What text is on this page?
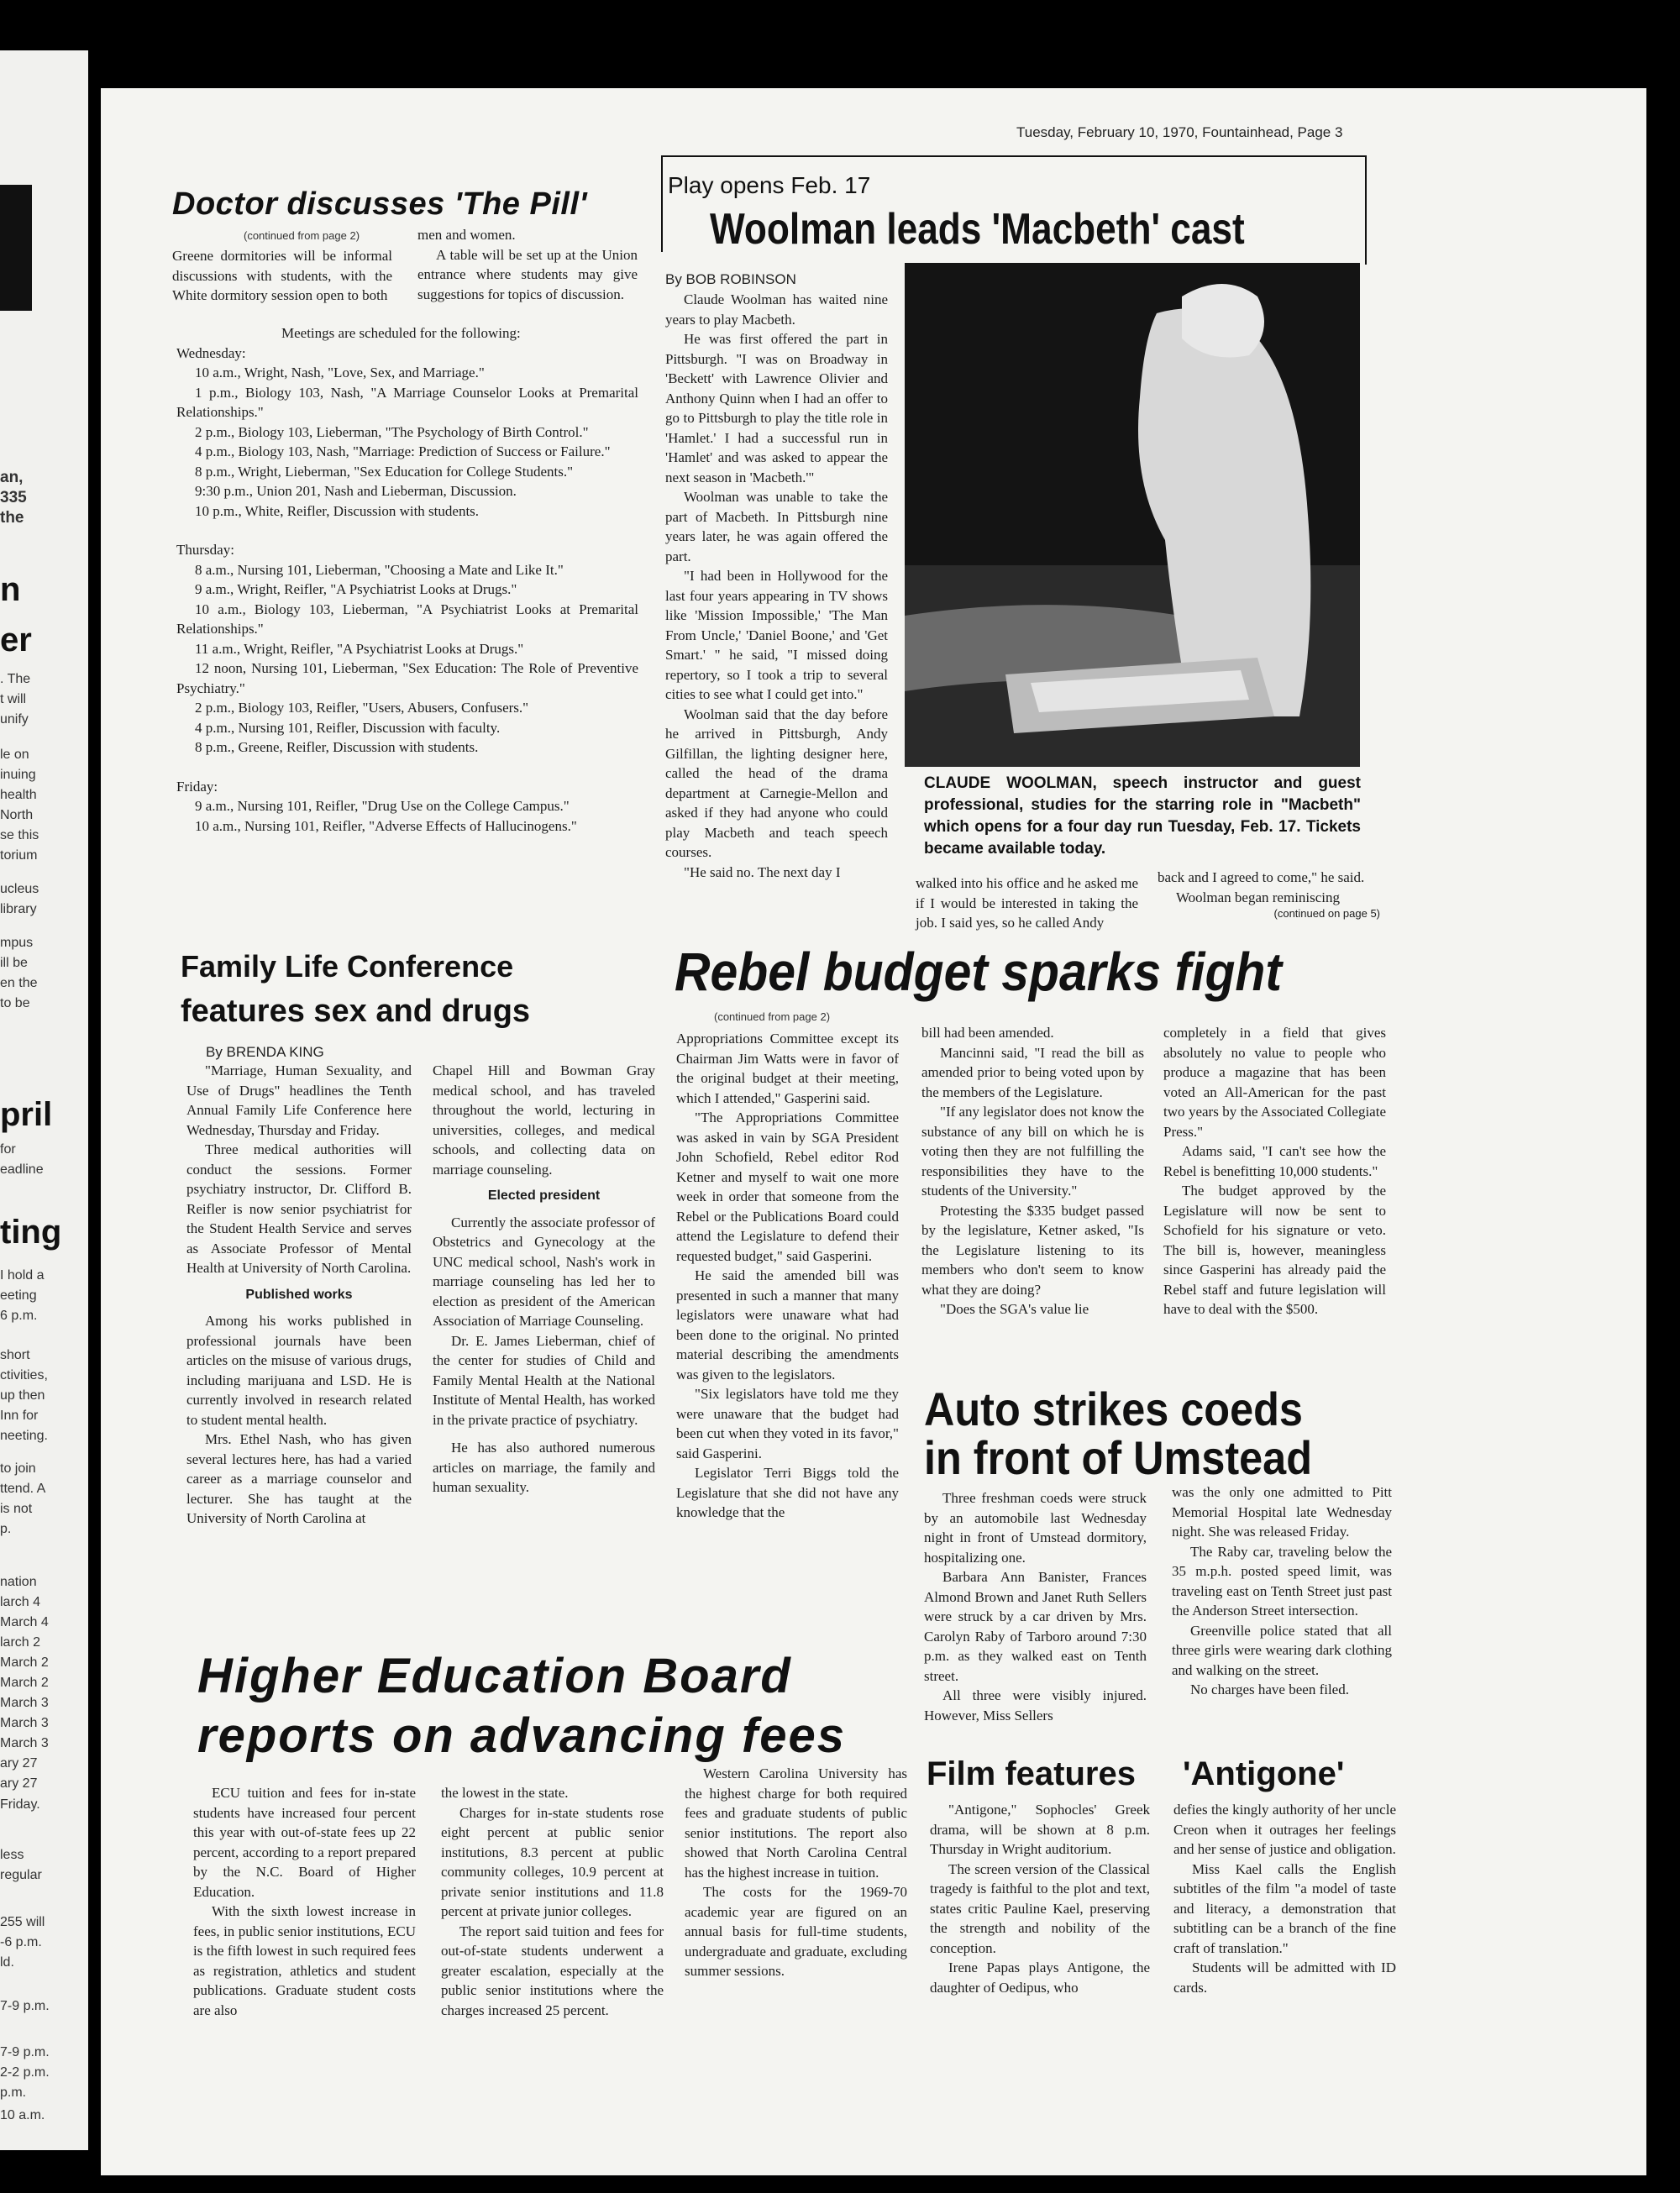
an,
335
the
n
er
. The
t will
unify
le on
inuing
health
North
se this
torium
ucleus
library
mpus
ill be
en the
to be
pril
for
eadline
ting
I hold a
eeting
6 p.m.
short
ctivities,
up then
Inn for
neeting.
to join
ttend. A
is not
p.
nation
larch 4
March 4
larch 2
March 2
March 2
March 3
March 3
March 3
ary 27
ary 27
Friday.
less
regular
255 will
-6 p.m.
ld.
7-9 p.m.
7-9 p.m.
2-2 p.m.
p.m.
10 a.m.
Tuesday, February 10, 1970, Fountainhead, Page 3
Doctor discusses 'The Pill'
(continued from page 2)

Greene dormitories will be informal discussions with students, with the White dormitory session open to both

men and women.

A table will be set up at the Union entrance where students may give suggestions for topics of discussion.

Meetings are scheduled for the following:

Wednesday:

10 a.m., Wright, Nash, "Love, Sex, and Marriage."

1 p.m., Biology 103, Nash, "A Marriage Counselor Looks at Premarital Relationships."

2 p.m., Biology 103, Lieberman, "The Psychology of Birth Control."

4 p.m., Biology 103, Nash, "Marriage: Prediction of Success or Failure."

8 p.m., Wright, Lieberman, "Sex Education for College Students."

9:30 p.m., Union 201, Nash and Lieberman, Discussion.

10 p.m., White, Reifler, Discussion with students.

Thursday:

8 a.m., Nursing 101, Lieberman, "Choosing a Mate and Like It."

9 a.m., Wright, Reifler, "A Psychiatrist Looks at Drugs."

10 a.m., Biology 103, Lieberman, "A Psychiatrist Looks at Premarital Relationships."

11 a.m., Wright, Reifler, "A Psychiatrist Looks at Drugs."

12 noon, Nursing 101, Lieberman, "Sex Education: The Role of Preventive Psychiatry."

2 p.m., Biology 103, Reifler, "Users, Abusers, Confusers."

4 p.m., Nursing 101, Reifler, Discussion with faculty.

8 p.m., Greene, Reifler, Discussion with students.

Friday:

9 a.m., Nursing 101, Reifler, "Drug Use on the College Campus."

10 a.m., Nursing 101, Reifler, "Adverse Effects of Hallucinogens."

Play opens Feb. 17
Woolman leads 'Macbeth' cast
By BOB ROBINSON

Claude Woolman has waited nine years to play Macbeth.

He was first offered the part in Pittsburgh. "I was on Broadway in 'Beckett' with Lawrence Olivier and Anthony Quinn when I had an offer to go to Pittsburgh to play the title role in 'Hamlet.' I had a successful run in 'Hamlet' and was asked to appear the next season in 'Macbeth.'"

Woolman was unable to take the part of Macbeth. In Pittsburgh nine years later, he was again offered the part.

"I had been in Hollywood for the last four years appearing in TV shows like 'Mission Impossible,' 'The Man From Uncle,' 'Daniel Boone,' and 'Get Smart.' " he said, "I missed doing repertory, so I took a trip to several cities to see what I could get into."

Woolman said that the day before he arrived in Pittsburgh, Andy Gilfillan, the lighting designer here, called the head of the drama department at Carnegie-Mellon and asked if they had anyone who could play Macbeth and teach speech courses.

"He said no. The next day I

CLAUDE WOOLMAN, speech instructor and guest professional, studies for the starring role in "Macbeth" which opens for a four day run Tuesday, Feb. 17. Tickets became available today.

walked into his office and he asked me if I would be interested in taking the job. I said yes, so he called Andy

back and I agreed to come," he said.

Woolman began reminiscing

(continued on page 5)

Family Life Conference
features sex and drugs
By BRENDA KING

"Marriage, Human Sexuality, and Use of Drugs" headlines the Tenth Annual Family Life Conference here Wednesday, Thursday and Friday.

Three medical authorities will conduct the sessions. Former psychiatry instructor, Dr. Clifford B. Reifler is now senior psychiatrist for the Student Health Service and serves as Associate Professor of Mental Health at University of North Carolina.

Published works

Among his works published in professional journals have been articles on the misuse of various drugs, including marijuana and LSD. He is currently involved in research related to student mental health.

Mrs. Ethel Nash, who has given several lectures here, has had a varied career as a marriage counselor and lecturer. She has taught at the University of North Carolina at

Chapel Hill and Bowman Gray medical school, and has traveled throughout the world, lecturing in universities, colleges, and medical schools, and collecting data on marriage counseling.

Elected president

Currently the associate professor of Obstetrics and Gynecology at the UNC medical school, Nash's work in marriage counseling has led her to election as president of the American Association of Marriage Counseling.

Dr. E. James Lieberman, chief of the center for studies of Child and Family Mental Health at the National Institute of Mental Health, has worked in the private practice of psychiatry.

He has also authored numerous articles on marriage, the family and human sexuality.

Rebel budget sparks fight
(continued from page 2)

Appropriations Committee except its Chairman Jim Watts were in favor of the original budget at their meeting, which I attended," Gasperini said.

"The Appropriations Committee was asked in vain by SGA President John Schofield, Rebel editor Rod Ketner and myself to wait one more week in order that someone from the Rebel or the Publications Board could attend the Legislature to defend their requested budget," said Gasperini.

He said the amended bill was presented in such a manner that many legislators were unaware what had been done to the original. No printed material describing the amendments was given to the legislators.

"Six legislators have told me they were unaware that the budget had been cut when they voted in its favor," said Gasperini.

Legislator Terri Biggs told the Legislature that she did not have any knowledge that the

bill had been amended.

Mancinni said, "I read the bill as amended prior to being voted upon by the members of the Legislature.

"If any legislator does not know the substance of any bill on which he is voting then they are not fulfilling the responsibilities they have to the students of the University."

Protesting the $335 budget passed by the legislature, Ketner asked, "Is the Legislature listening to its members who don't seem to know what they are doing?

"Does the SGA's value lie

completely in a field that gives absolutely no value to people who produce a magazine that has been voted an All-American for the past two years by the Associated Collegiate Press."

Adams said, "I can't see how the Rebel is benefitting 10,000 students."

The budget approved by the Legislature will now be sent to Schofield for his signature or veto. The bill is, however, meaningless since Gasperini has already paid the Rebel staff and future legislation will have to deal with the $500.

Auto strikes coeds
in front of Umstead

Three freshman coeds were struck by an automobile last Wednesday night in front of Umstead dormitory, hospitalizing one.

Barbara Ann Banister, Frances Almond Brown and Janet Ruth Sellers were struck by a car driven by Mrs. Carolyn Raby of Tarboro around 7:30 p.m. as they walked east on Tenth street.

All three were visibly injured. However, Miss Sellers

was the only one admitted to Pitt Memorial Hospital late Wednesday night. She was released Friday.

The Raby car, traveling below the 35 m.p.h. posted speed limit, was traveling east on Tenth Street just past the Anderson Street intersection.

Greenville police stated that all three girls were wearing dark clothing and walking on the street.

No charges have been filed.

Higher Education Board
reports on advancing fees

ECU tuition and fees for in-state students have increased four percent this year with out-of-state fees up 22 percent, according to a report prepared by the N.C. Board of Higher Education.

With the sixth lowest increase in fees, in public senior institutions, ECU is the fifth lowest in such required fees as registration, athletics and student publications. Graduate student costs are also

the lowest in the state.

Charges for in-state students rose eight percent at public senior institutions, 8.3 percent at public community colleges, 10.9 percent at private senior institutions and 11.8 percent at private junior colleges.

The report said tuition and fees for out-of-state students underwent a greater escalation, especially at the public senior institutions where the charges increased 25 percent.

Western Carolina University has the highest charge for both required fees and graduate students of public senior institutions. The report also showed that North Carolina Central has the highest increase in tuition.

The costs for the 1969-70 academic year are figured on an annual basis for full-time students, undergraduate and graduate, excluding summer sessions.

Film features 'Antigone'

"Antigone," Sophocles' Greek drama, will be shown at 8 p.m. Thursday in Wright auditorium.

The screen version of the Classical tragedy is faithful to the plot and text, states critic Pauline Kael, preserving the strength and nobility of the conception.

Irene Papas plays Antigone, the daughter of Oedipus, who

defies the kingly authority of her uncle Creon when it outrages her feelings and her sense of justice and obligation.

Miss Kael calls the English subtitles of the film "a model of taste and literacy, a demonstration that subtitling can be a branch of the fine craft of translation."

Students will be admitted with ID cards.
